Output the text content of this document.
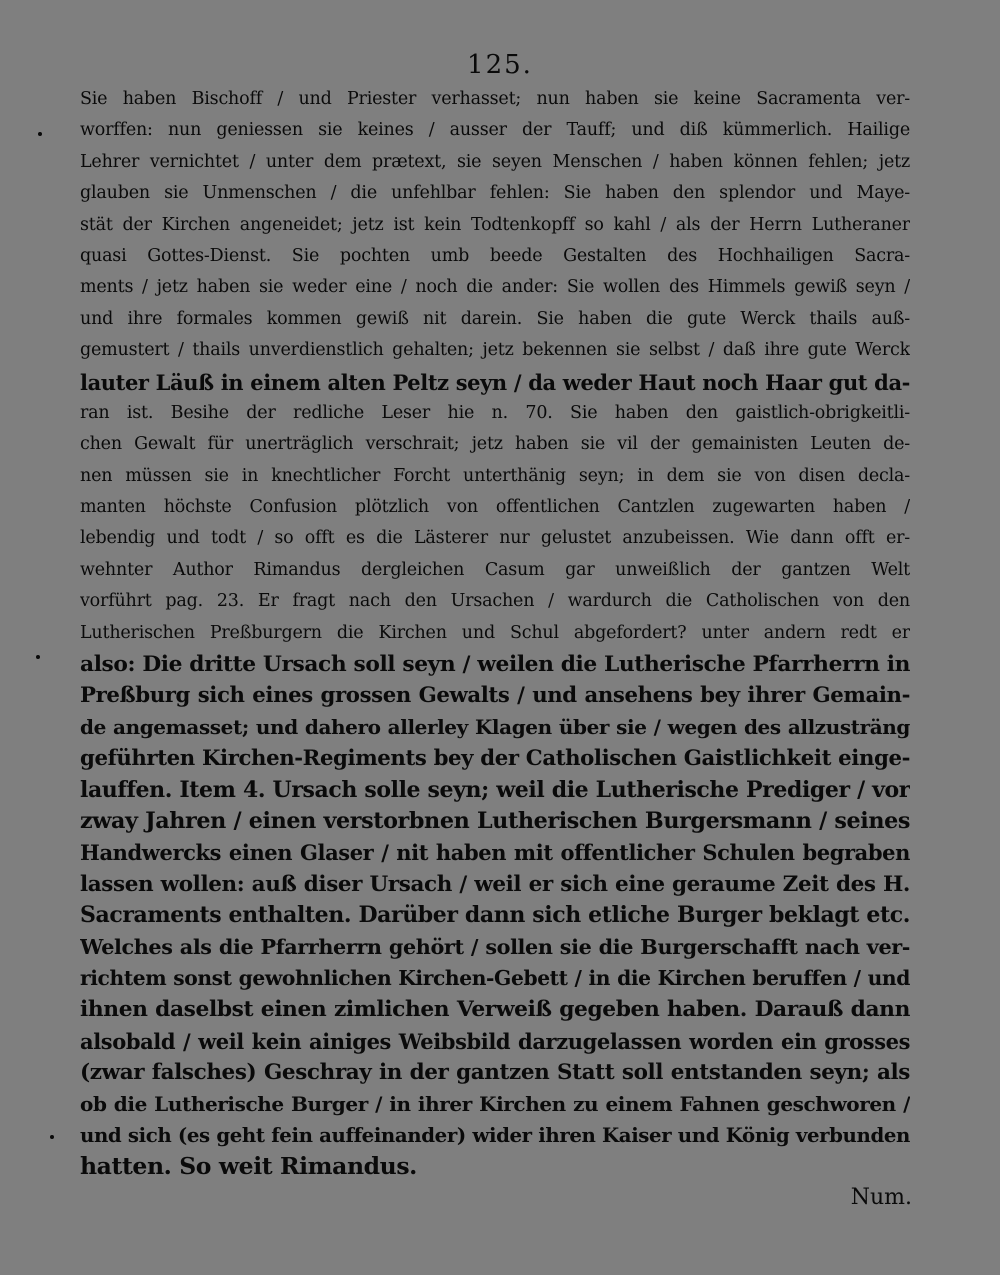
125.
Sie haben Bischoff / und Priester verhasset; nun haben sie keine Sacramenta ver-
worffen: nun geniessen sie keines / ausser der Tauff; und diß kümmerlich. Hailige
Lehrer vernichtet / unter dem prætext, sie seyen Menschen / haben können fehlen; jetz
glauben sie Unmenschen / die unfehlbar fehlen: Sie haben den splendor und Maye-
stät der Kirchen angeneidet; jetz ist kein Todtenkopff so kahl / als der Herrn Lutheraner
quasi Gottes-Dienst. Sie pochten umb beede Gestalten des Hochhailigen Sacra-
ments / jetz haben sie weder eine / noch die ander: Sie wollen des Himmels gewiß seyn /
und ihre formales kommen gewiß nit darein. Sie haben die gute Werck thails auß-
gemustert / thails unverdienstlich gehalten; jetz bekennen sie selbst / daß ihre gute Werck
lauter Läuß in einem alten Peltz seyn / da weder Haut noch Haar gut da-
ran ist. Besihe der redliche Leser hie n. 70. Sie haben den gaistlich-obrigkeitli-
chen Gewalt für unerträglich verschrait; jetz haben sie vil der gemainisten Leuten de-
nen müssen sie in knechtlicher Forcht unterthänig seyn; in dem sie von disen decla-
manten höchste Confusion plötzlich von offentlichen Cantzlen zugewarten haben /
lebendig und todt / so offt es die Lästerer nur gelustet anzubeissen. Wie dann offt er-
wehnter Author Rimandus dergleichen Casum gar unweißlich der gantzen Welt
vorführt pag. 23. Er fragt nach den Ursachen / wardurch die Catholischen von den
Lutherischen Preßburgern die Kirchen und Schul abgefordert? unter andern redt er
also: Die dritte Ursach soll seyn / weilen die Lutherische Pfarrherrn in
Preßburg sich eines grossen Gewalts / und ansehens bey ihrer Gemain-
de angemasset; und dahero allerley Klagen über sie / wegen des allzusträng
geführten Kirchen-Regiments bey der Catholischen Gaistlichkeit einge-
lauffen. Item 4. Ursach solle seyn; weil die Lutherische Prediger / vor
zway Jahren / einen verstorbnen Lutherischen Burgersmann / seines
Handwercks einen Glaser / nit haben mit offentlicher Schulen begraben
lassen wollen: auß diser Ursach / weil er sich eine geraume Zeit des H.
Sacraments enthalten. Darüber dann sich etliche Burger beklagt etc.
Welches als die Pfarrherrn gehört / sollen sie die Burgerschafft nach ver-
richtem sonst gewohnlichen Kirchen-Gebett / in die Kirchen beruffen / und
ihnen daselbst einen zimlichen Verweiß gegeben haben. Darauß dann
alsobald / weil kein ainiges Weibsbild darzugelassen worden ein grosses
(zwar falsches) Geschray in der gantzen Statt soll entstanden seyn; als
ob die Lutherische Burger / in ihrer Kirchen zu einem Fahnen geschworen /
und sich (es geht fein auffeinander) wider ihren Kaiser und König verbunden
hatten. So weit Rimandus.
Num.
